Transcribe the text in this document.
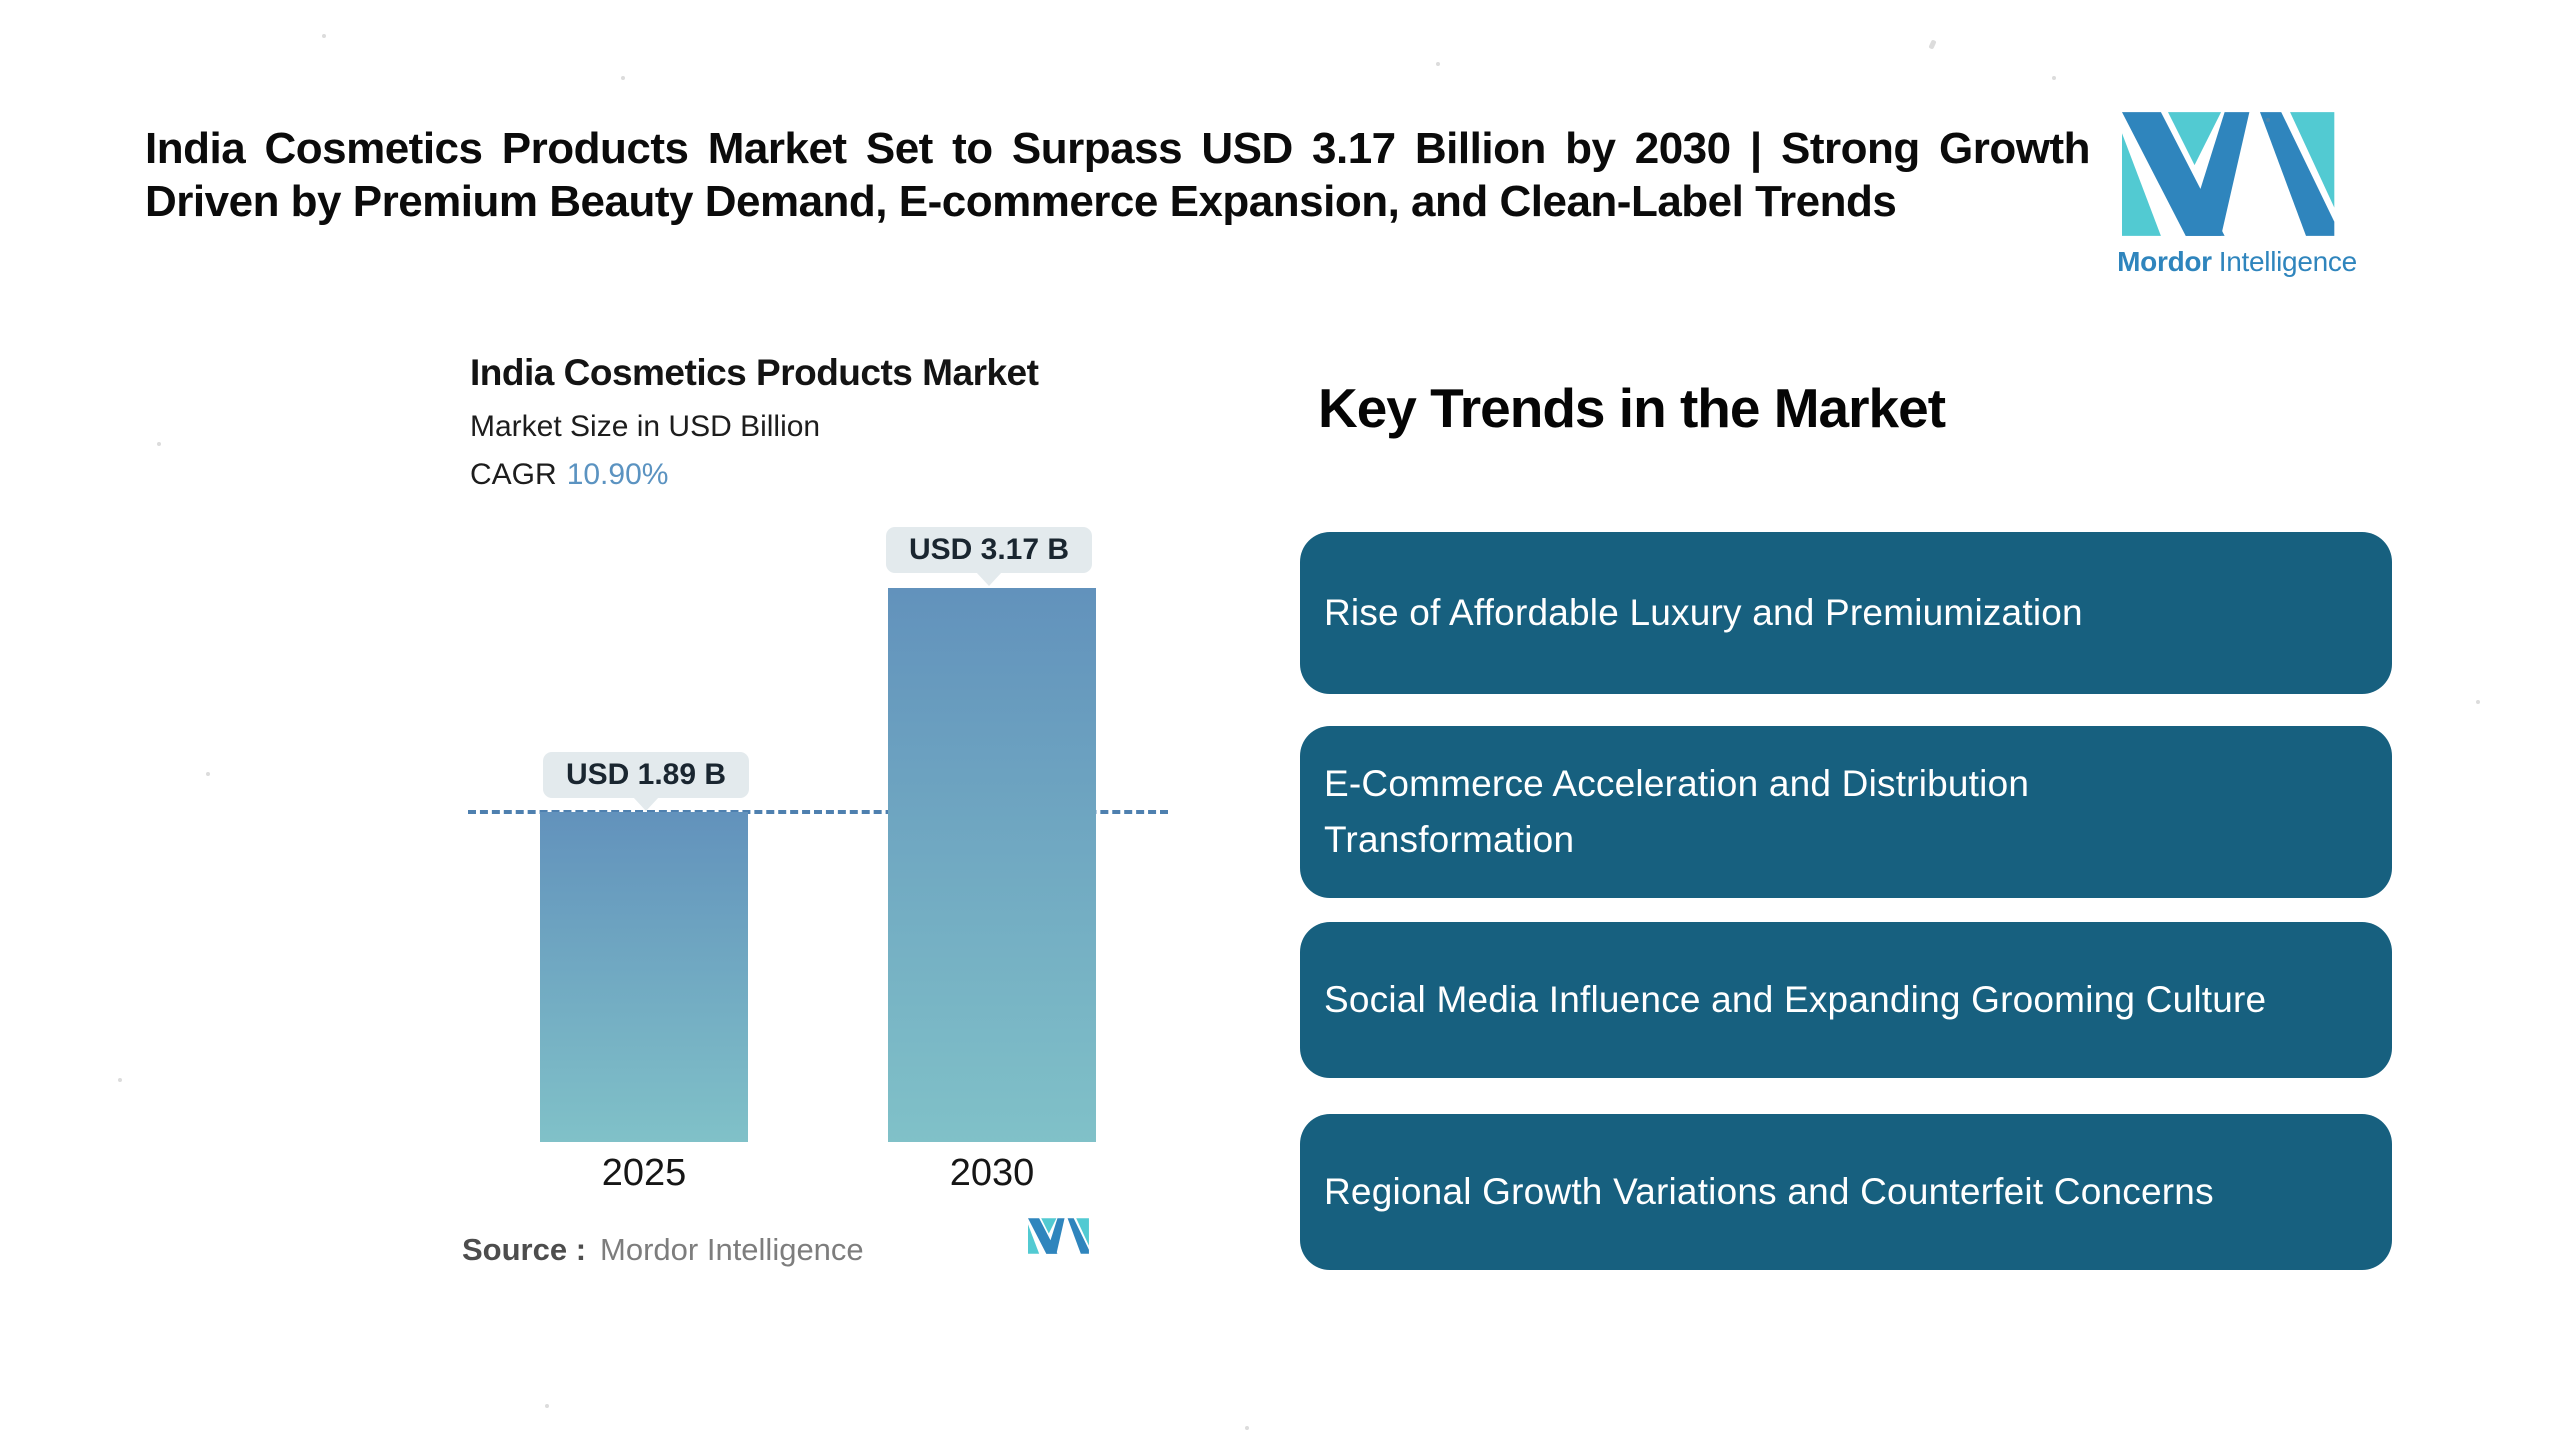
India Cosmetics Products Market Set to Surpass USD 3.17 Billion by 2030 | Strong Growth
Driven by Premium Beauty Demand, E-commerce Expansion, and Clean-Label Trends
Mordor Intelligence
India Cosmetics Products Market
Market Size in USD Billion
CAGR 10.90%
USD 1.89 B
USD 3.17 B
2025	2030
Source : Mordor Intelligence
Key Trends in the Market
Rise of Affordable Luxury and Premiumization
E-Commerce Acceleration and Distribution Transformation
Social Media Influence and Expanding Grooming Culture
Regional Growth Variations and Counterfeit Concerns
